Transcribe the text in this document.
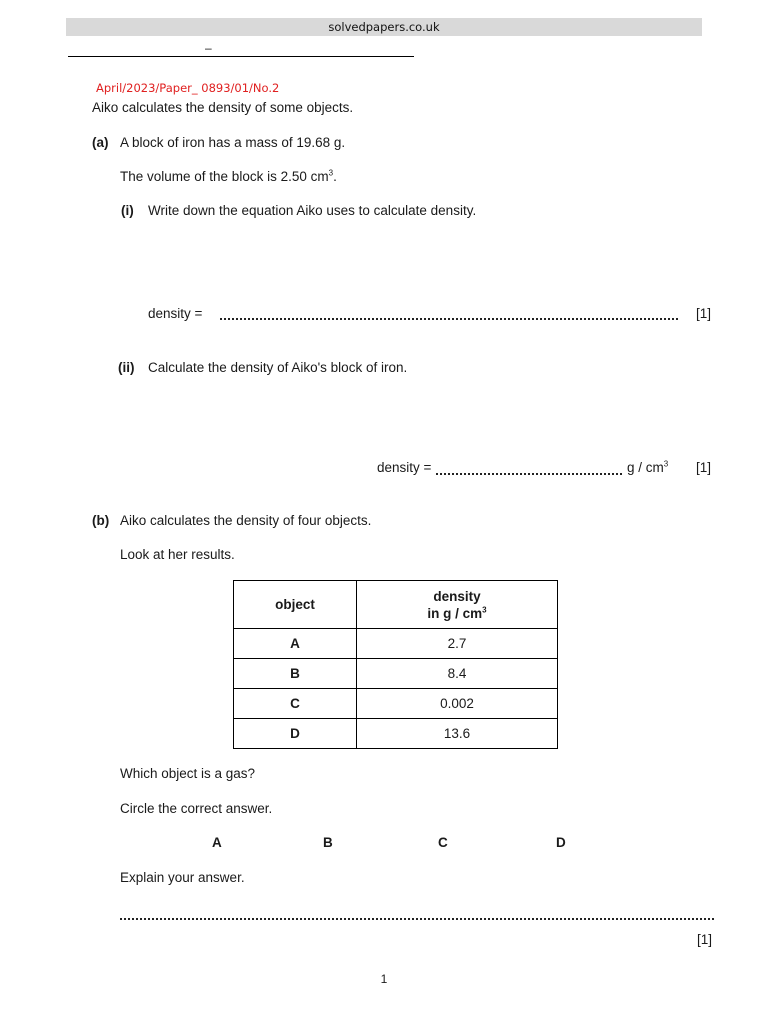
solvedpapers.co.uk
–
April/2023/Paper_ 0893/01/No.2
Aiko calculates the density of some objects.
(a) A block of iron has a mass of 19.68 g.
The volume of the block is 2.50 $cm^3$.
(i) Write down the equation Aiko uses to calculate density.
density =	[1]
(ii) Calculate the density of Aiko's block of iron.
density =	g / $cm^3$ [1]
(b) Aiko calculates the density of four objects.
Look at her results.
object	density
in g / $cm^3$
A	2.7
B	8.4
C	0.002
D	13.6
Which object is a gas?
Circle the correct answer.
A	B	C	D
Explain your answer.
[1]
1
